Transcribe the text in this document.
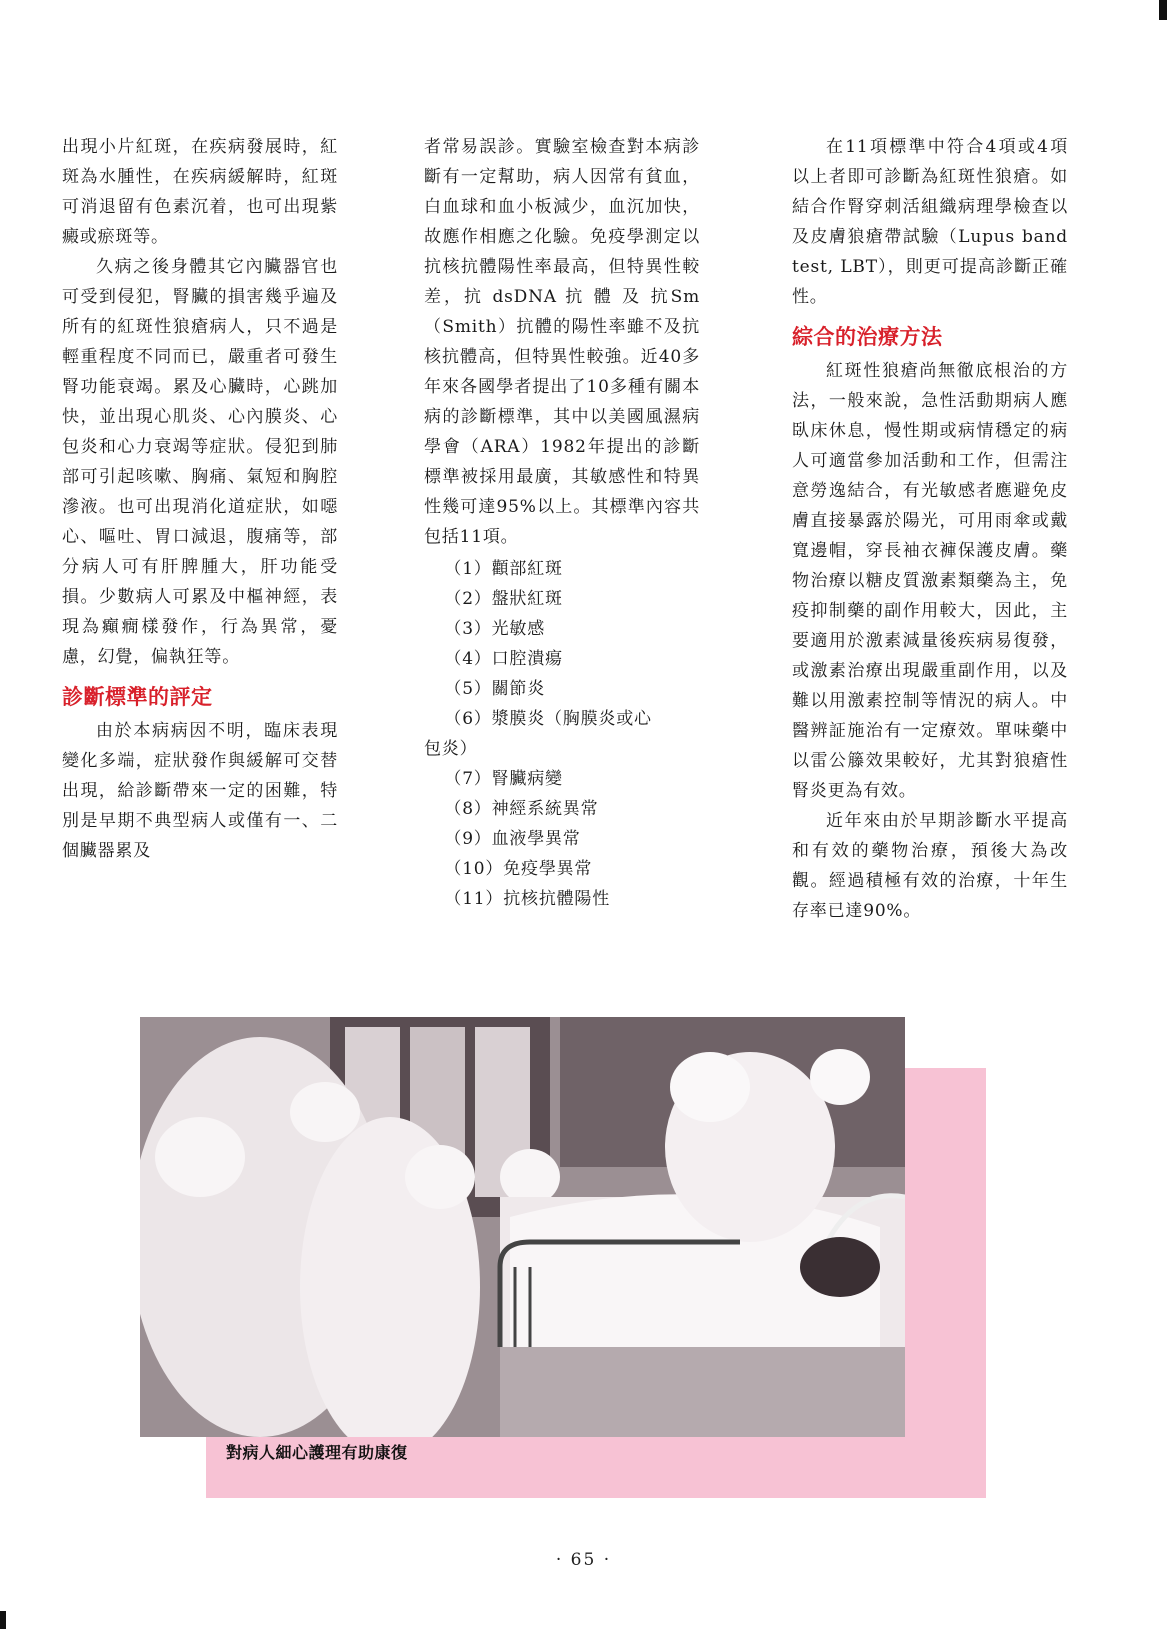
出現小片紅斑，在疾病發展時，紅斑為水腫性，在疾病緩解時，紅斑可消退留有色素沉着，也可出現紫癜或瘀斑等。

久病之後身體其它內臟器官也可受到侵犯，腎臟的損害幾乎遍及所有的紅斑性狼瘡病人，只不過是輕重程度不同而已，嚴重者可發生腎功能衰竭。累及心臟時，心跳加快，並出現心肌炎、心內膜炎、心包炎和心力衰竭等症狀。侵犯到肺部可引起咳嗽、胸痛、氣短和胸腔滲液。也可出現消化道症狀，如噁心、嘔吐、胃口減退，腹痛等，部分病人可有肝脾腫大，肝功能受損。少數病人可累及中樞神經，表現為癲癇樣發作，行為異常，憂慮，幻覺，偏執狂等。

診斷標準的評定

由於本病病因不明，臨床表現變化多端，症狀發作與緩解可交替出現，給診斷帶來一定的困難，特別是早期不典型病人或僅有一、二個臟器累及

者常易誤診。實驗室檢查對本病診斷有一定幫助，病人因常有貧血，白血球和血小板減少，血沉加快，故應作相應之化驗。免疫學測定以抗核抗體陽性率最高，但特異性較差，抗 dsDNA 抗 體 及 抗Sm（Smith）抗體的陽性率雖不及抗核抗體高，但特異性較強。近40多年來各國學者提出了10多種有關本病的診斷標準，其中以美國風濕病學會（ARA）1982年提出的診斷標準被採用最廣，其敏感性和特異性幾可達95%以上。其標準內容共包括11項。

（1）顴部紅斑
（2）盤狀紅斑
（3）光敏感
（4）口腔潰瘍
（5）關節炎
（6）漿膜炎（胸膜炎或心
包炎）
（7）腎臟病變
（8）神經系統異常
（9）血液學異常
（10）免疫學異常
（11）抗核抗體陽性

在11項標準中符合4項或4項以上者即可診斷為紅斑性狼瘡。如結合作腎穿刺活組織病理學檢查以及皮膚狼瘡帶試驗（Lupus band test, LBT），則更可提高診斷正確性。

綜合的治療方法

紅斑性狼瘡尚無徹底根治的方法，一般來說，急性活動期病人應臥床休息，慢性期或病情穩定的病人可適當參加活動和工作，但需注意勞逸結合，有光敏感者應避免皮膚直接暴露於陽光，可用雨傘或戴寬邊帽，穿長袖衣褲保護皮膚。藥物治療以糖皮質激素類藥為主，免疫抑制藥的副作用較大，因此，主要適用於激素減量後疾病易復發，或激素治療出現嚴重副作用，以及難以用激素控制等情況的病人。中醫辨証施治有一定療效。單味藥中以雷公籐效果較好，尤其對狼瘡性腎炎更為有效。

近年來由於早期診斷水平提高和有效的藥物治療，預後大為改觀。經過積極有效的治療，十年生存率已達90%。

對病人細心護理有助康復
· 65 ·
